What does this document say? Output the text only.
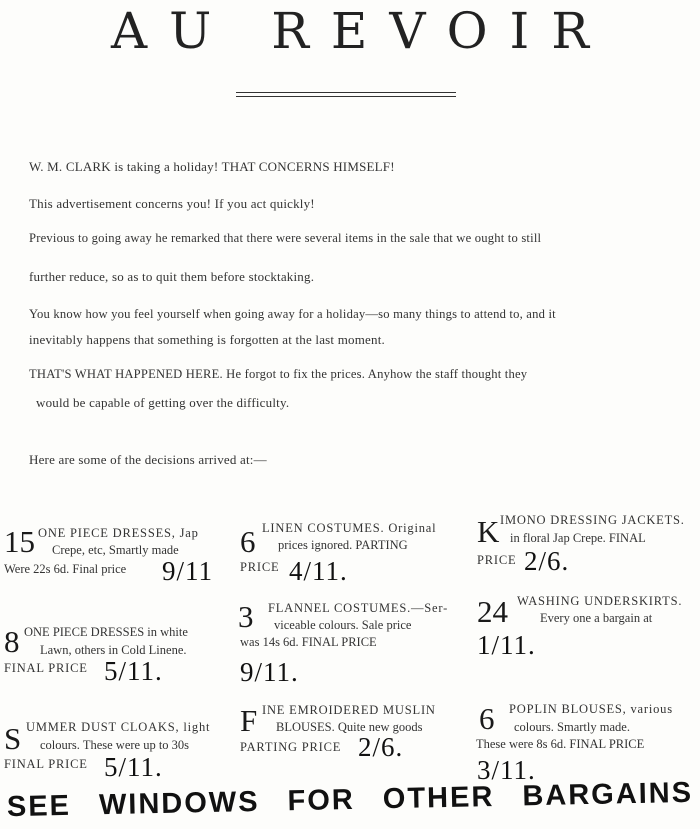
AU REVOIR
W. M. CLARK is taking a holiday! THAT CONCERNS HIMSELF!
This advertisement concerns you! If you act quickly!
Previous to going away he remarked that there were several items in the sale that we ought to still
further reduce, so as to quit them before stocktaking.
You know how you feel yourself when going away for a holiday—so many things to attend to, and it
inevitably happens that something is forgotten at the last moment.
THAT'S WHAT HAPPENED HERE. He forgot to fix the prices. Anyhow the staff thought they
would be capable of getting over the difficulty.
Here are some of the decisions arrived at:—
15 ONE PIECE DRESSES, Jap
Crepe, etc, Smartly made
Were 22s 6d. Final price 9/11
6 LINEN COSTUMES. Original
prices ignored. PARTING
PRICE 4/11.
K IMONO DRESSING JACKETS.
in floral Jap Crepe. FINAL
PRICE 2/6.
8 ONE PIECE DRESSES in white
Lawn, others in Cold Linene.
FINAL PRICE 5/11.
3 FLANNEL COSTUMES.—Ser-
viceable colours. Sale price
was 14s 6d. FINAL PRICE
9/11.
24 WASHING UNDERSKIRTS.
Every one a bargain at
1/11.
6 POPLIN BLOUSES, various
colours. Smartly made.
These were 8s 6d. FINAL PRICE
3/11.
S UMMER DUST CLOAKS, light
colours. These were up to 30s
FINAL PRICE 5/11.
F INE EMROIDERED MUSLIN
BLOUSES. Quite new goods
PARTING PRICE 2/6.
SEE WINDOWS FOR OTHER BARGAINS
